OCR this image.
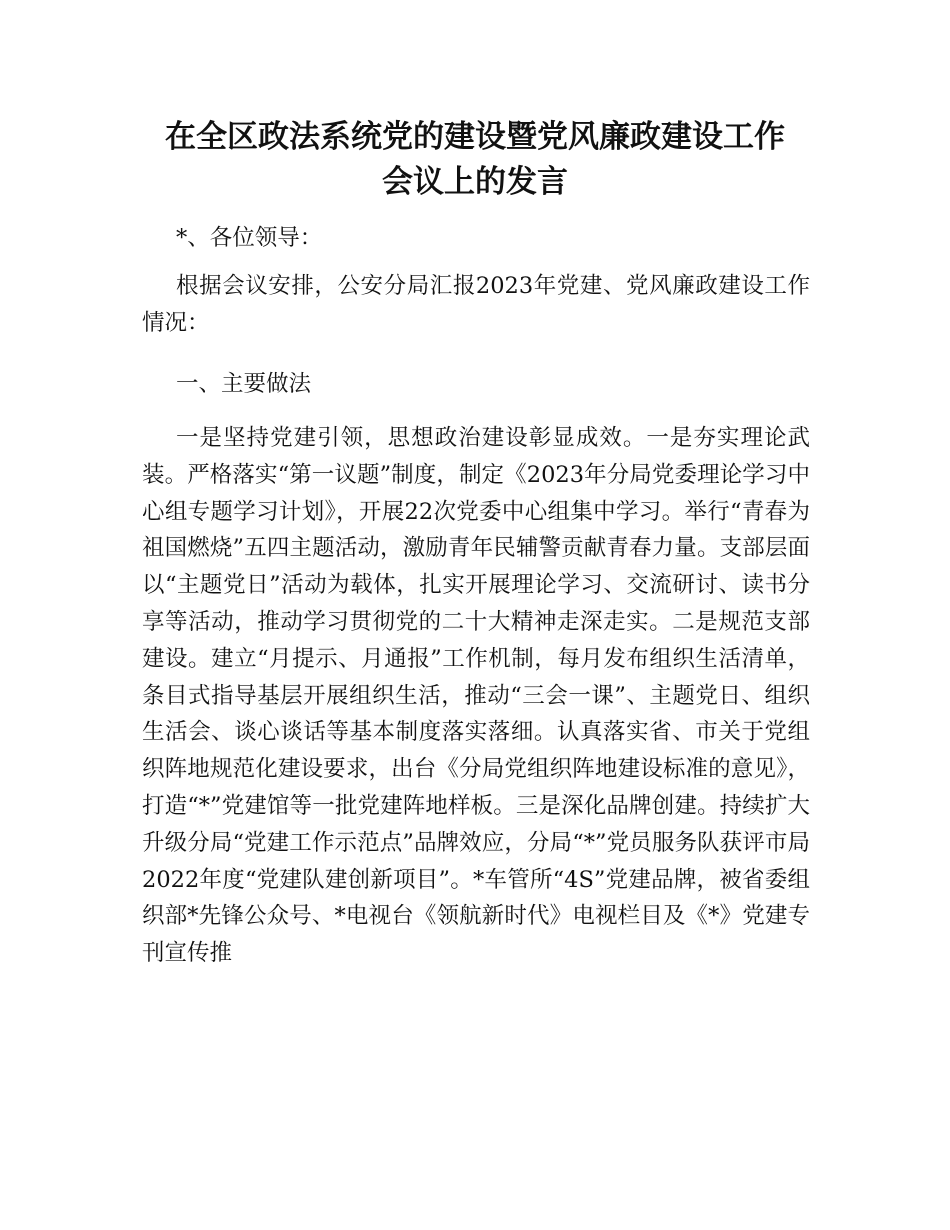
在全区政法系统党的建设暨党风廉政建设工作
会议上的发言

*、各位领导：

根据会议安排，公安分局汇报2023年党建、党风廉政建设工作情况：

一、主要做法

一是坚持党建引领，思想政治建设彰显成效。一是夯实理论武装。严格落实“第一议题”制度，制定《2023年分局党委理论学习中心组专题学习计划》，开展22次党委中心组集中学习。举行“青春为祖国燃烧”五四主题活动，激励青年民辅警贡献青春力量。支部层面以“主题党日”活动为载体，扎实开展理论学习、交流研讨、读书分享等活动，推动学习贯彻党的二十大精神走深走实。二是规范支部建设。建立“月提示、月通报”工作机制，每月发布组织生活清单，条目式指导基层开展组织生活，推动“三会一课”、主题党日、组织生活会、谈心谈话等基本制度落实落细。认真落实省、市关于党组织阵地规范化建设要求，出台《分局党组织阵地建设标准的意见》，打造“*”党建馆等一批党建阵地样板。三是深化品牌创建。持续扩大升级分局“党建工作示范点”品牌效应，分局“*”党员服务队获评市局2022年度“党建队建创新项目”。*车管所“4S”党建品牌，被省委组织部*先锋公众号、*电视台《领航新时代》电视栏目及《*》党建专刊宣传推
